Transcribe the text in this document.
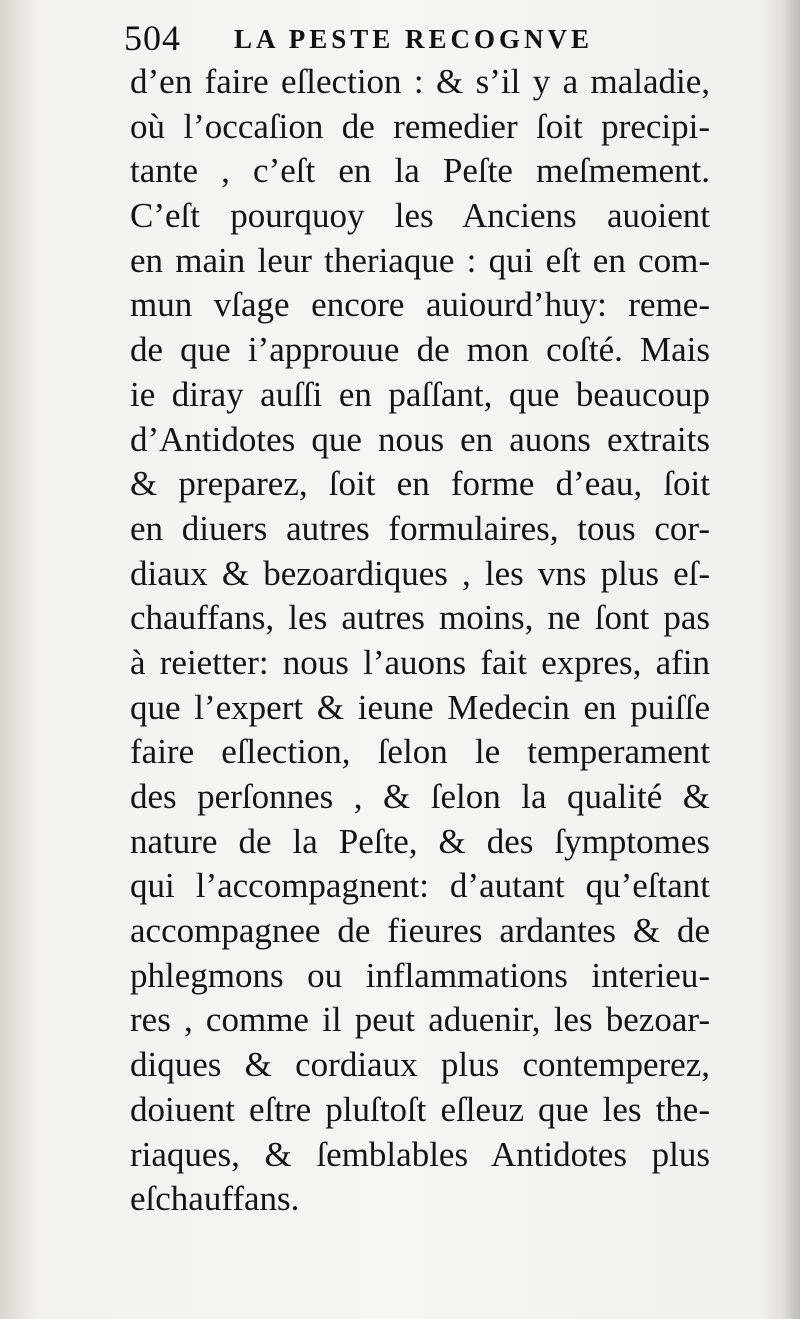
504 LA PESTE RECOGNVE
d’en faire eſlection : & s’il y a maladie,
où l’occaſion de remedier ſoit precipi-
tante , c’eſt en la Peſte meſmement.
C’eſt pourquoy les Anciens auoient
en main leur theriaque : qui eſt en com-
mun vſage encore auiourd’huy: reme-
de que i’approuue de mon coſté. Mais
ie diray auſſi en paſſant, que beaucoup
d’Antidotes que nous en auons extraits
& preparez, ſoit en forme d’eau, ſoit
en diuers autres formulaires, tous cor-
diaux & bezoardiques , les vns plus eſ-
chauffans, les autres moins, ne ſont pas
à reietter: nous l’auons fait expres, afin
que l’expert & ieune Medecin en puiſſe
faire eſlection, ſelon le temperament
des perſonnes , & ſelon la qualité &
nature de la Peſte, & des ſymptomes
qui l’accompagnent: d’autant qu’eſtant
accompagnee de fieures ardantes & de
phlegmons ou inflammations interieu-
res , comme il peut aduenir, les bezoar-
diques & cordiaux plus contemperez,
doiuent eſtre pluſtoſt eſleuz que les the-
riaques, & ſemblables Antidotes plus
eſchauffans.
